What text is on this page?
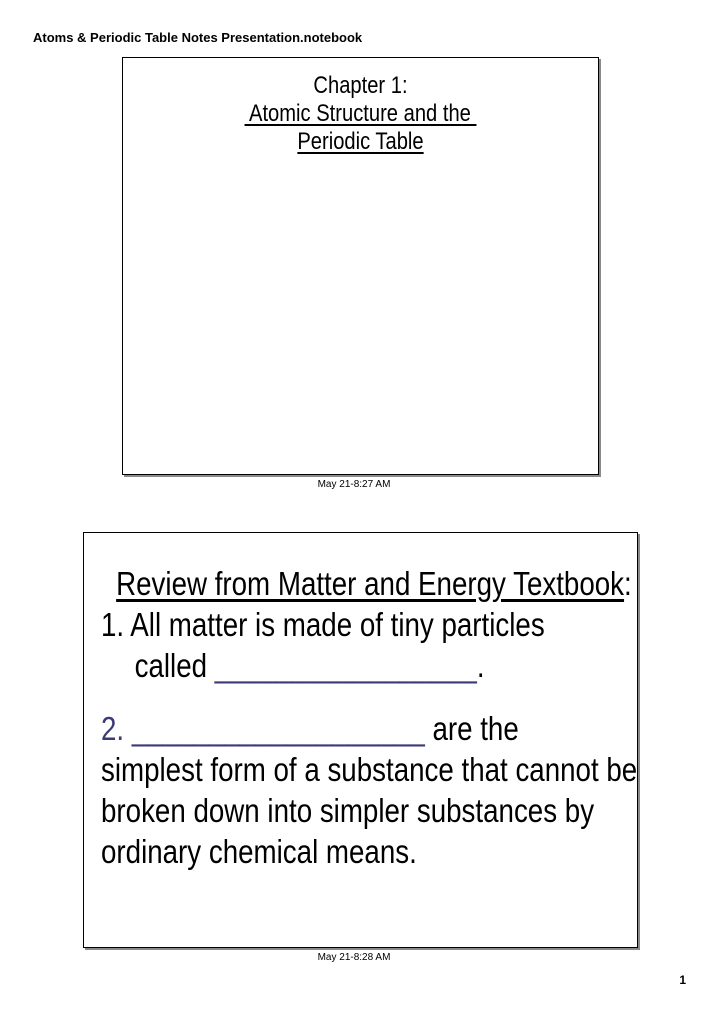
Atoms & Periodic Table Notes Presentation.notebook
Chapter 1:
Atomic Structure and the
Periodic Table
May 21-8:27 AM
Review from Matter and Energy Textbook:
1. All matter is made of tiny particles
called _________________.
2. ___________________ are the
simplest form of a substance that cannot be
broken down into simpler substances by
ordinary chemical means.
May 21-8:28 AM
1
